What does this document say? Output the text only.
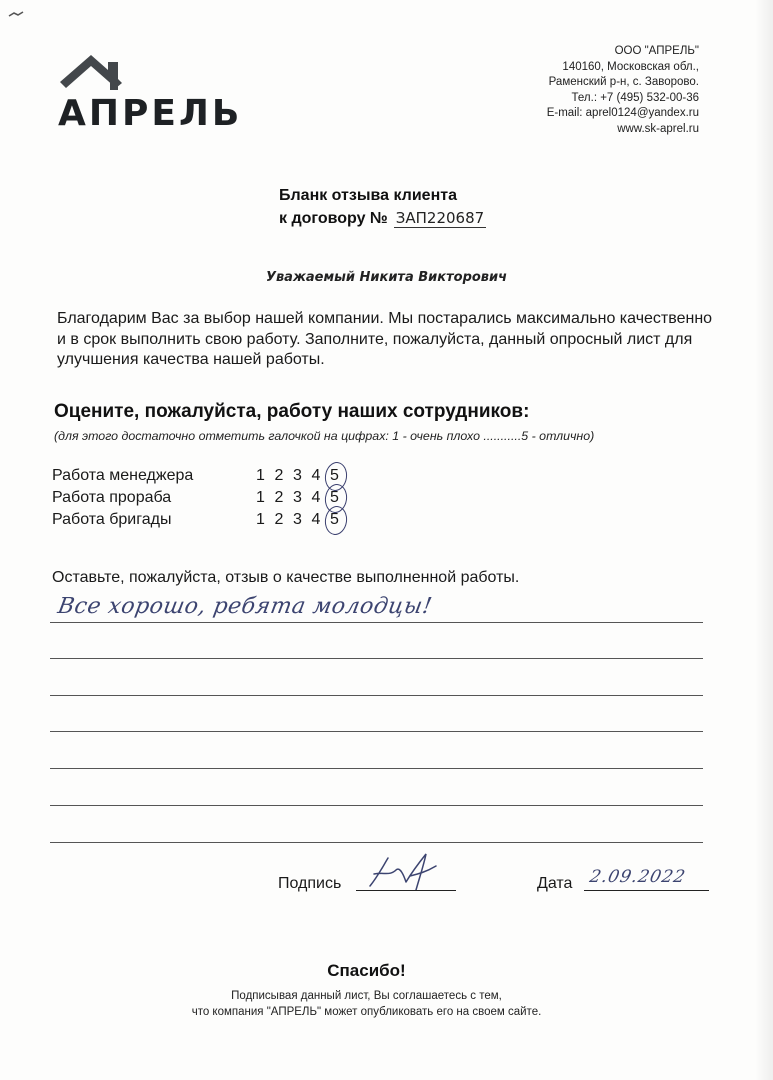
АПРЕЛЬ
ООО "АПРЕЛЬ"
140160, Московская обл.,
Раменский р-н, с. Заворово.
Тел.: +7 (495) 532-00-36
E-mail: aprel0124@yandex.ru
www.sk-aprel.ru
Бланк отзыва клиента
к договору № ЗАП220687
Уважаемый Никита Викторович
Благодарим Вас за выбор нашей компании. Мы постарались максимально качественно и в срок выполнить свою работу. Заполните, пожалуйста, данный опросный лист для улучшения качества нашей работы.
Оцените, пожалуйста, работу наших сотрудников:
(для этого достаточно отметить галочкой на цифрах: 1 - очень плохо ...........5 - отлично)
Работа менеджера	1 2 3 4 5
Работа прораба	1 2 3 4 5
Работа бригады	1 2 3 4 5
Оставьте, пожалуйста, отзыв о качестве выполненной работы.
Все хорошо, ребята молодцы!
Подпись	Дата 2.09.2022
Спасибо!
Подписывая данный лист, Вы соглашаетесь с тем,
что компания "АПРЕЛЬ" может опубликовать его на своем сайте.
